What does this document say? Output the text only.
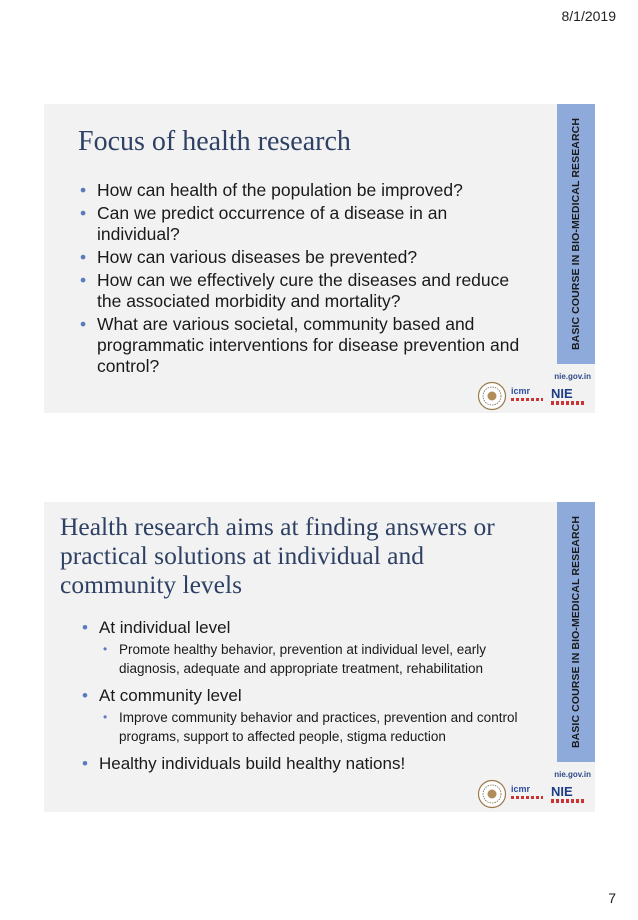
8/1/2019
Focus of health research
• How can health of the population be improved?
• Can we predict occurrence of a disease in an individual?
• How can various diseases be prevented?
• How can we effectively cure the diseases and reduce the associated morbidity and mortality?
• What are various societal, community based and programmatic interventions for disease prevention and control?
BASIC COURSE IN BIO-MEDICAL RESEARCH
nie.gov.in
icmr	NIE
Health research aims at finding answers or practical solutions at individual and community levels
• At individual level
• Promote healthy behavior, prevention at individual level, early diagnosis, adequate and appropriate treatment, rehabilitation
• At community level
• Improve community behavior and practices, prevention and control programs, support to affected people, stigma reduction
• Healthy individuals build healthy nations!
BASIC COURSE IN BIO-MEDICAL RESEARCH
nie.gov.in
icmr	NIE
7
